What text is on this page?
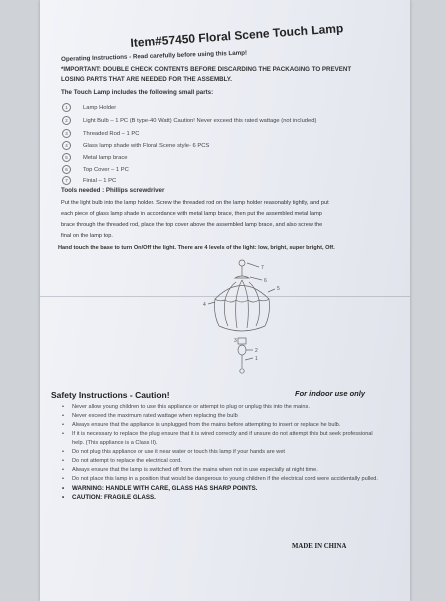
Item#57450 Floral Scene Touch Lamp
Operating Instructions - Read carefully before using this Lamp!
*IMPORTANT: DOUBLE CHECK CONTENTS BEFORE DISCARDING THE PACKAGING TO PREVENT
LOSING PARTS THAT ARE NEEDED FOR THE ASSEMBLY.
The Touch Lamp includes the following small parts:
1	Lamp Holder
2	Light Bulb – 1 PC (B type-40 Watt) Caution! Never exceed this rated wattage (not included)
3	Threaded Rod – 1 PC
4	Glass lamp shade with Floral Scene style- 6 PCS
5	Metal lamp brace
6	Top Cover – 1 PC
7	Finial – 1 PC
Tools needed : Phillips screwdriver
Put the light bulb into the lamp holder. Screw the threaded rod on the lamp holder reasonably tightly, and put
each piece of glass lamp shade in accordance with metal lamp brace, then put the assembled metal lamp
brace through the threaded rod, place the top cover above the assembled lamp brace, and also screw the
final on the lamp top.
Hand touch the base to turn On/Off the light. There are 4 levels of the light: low, bright, super bright, Off.
7
6
5
4
3
2
1
Safety Instructions - Caution!	For indoor use only
• Never allow young children to use this appliance or attempt to plug or unplug this into the mains.
• Never exceed the maximum rated wattage when replacing the bulb
• Always ensure that the appliance is unplugged from the mains before attempting to insert or replace he bulb.
• If it is necessary to replace the plug ensure that it is wired correctly and if unsure do not attempt this but seek professional help. (This appliance is a Class II).
• Do not plug this appliance or use it near water or touch this lamp if your hands are wet
• Do not attempt to replace the electrical cord.
• Always ensure that the lamp is switched off from the mains when not in use especially at night time.
• Do not place this lamp in a position that would be dangerous to young children if the electrical cord were accidentally pulled.
• WARNING: HANDLE WITH CARE, GLASS HAS SHARP POINTS.
• CAUTION: FRAGILE GLASS.
MADE IN CHINA
